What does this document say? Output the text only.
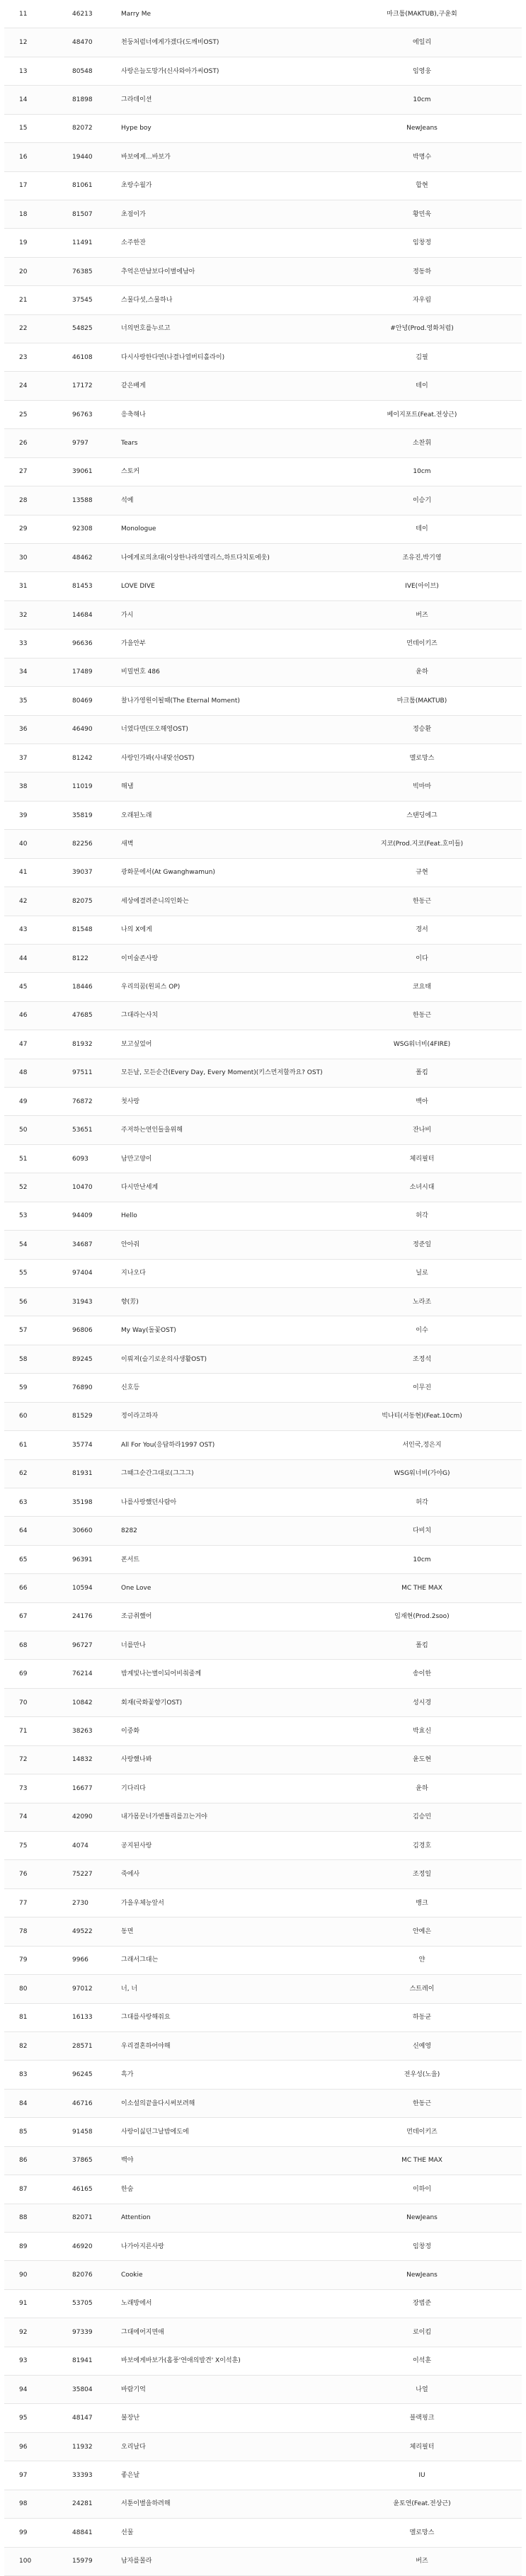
11	46213	Marry Me	마크툽(MAKTUB),구윤회
12	48470	천둥처럼너에게가겠다(도깨비OST)	에일리
13	80548	사랑은늘도망가(신사와아가씨OST)	임영웅
14	81898	그라데이션	10cm
15	82072	Hype boy	NewJeans
16	19440	바보에게…바보가	박명수
17	81061	초랑수월가	합현
18	81507	초점이가	황민욱
19	11491	소주한잔	임창정
20	76385	추억은만남보다이별에남아	정동하
21	37545	스물다섯,스물하나	자우림
22	54825	너의번호를누르고	#안녕(Prod.영화처럼)
23	46108	다시사랑한다면(나결나열버티홀라이)	김필
24	17172	같은배게	테이
25	96763	응축해나	베이지포트(Feat.전상근)
26	9797	Tears	소찬휘
27	39061	스토커	10cm
28	13588	석예	이승기
29	92308	Monologue	테이
30	48462	나에게로의초대(이상한나라의앨리스,하트다치토에웃)	조유진,박기영
31	81453	LOVE DIVE	IVE(아이브)
32	14684	가시	버즈
33	96636	가을안부	먼데이키즈
34	17489	비밀번호 486	윤하
35	80469	찰나가영원이될때(The Eternal Moment)	마크툽(MAKTUB)
36	46490	너였다면(또오해영OST)	정승환
37	81242	사랑인가봐(사내맞선OST)	멜로망스
38	11019	해냄	빅마마
39	35819	오래된노래	스탠딩에그
40	82256	새벽	지코(Prod.지코(Feat.호미들)
41	39037	광화문에서(At Gwanghwamun)	규현
42	82075	세상에결려준니의인화는	한동근
43	81548	나의 X에게	경서
44	8122	이미술존사랑	이다
45	18446	우리의꿈(원피스 OP)	코요태
46	47685	그대라는사치	한동근
47	81932	보고싶었어	WSG워너비(4FIRE)
48	97511	모든날, 모든순간(Every Day, Every Moment)(키스먼저할까요? OST)	폴킴
49	76872	첫사랑	백아
50	53651	주저하는연인들을위해	잔나비
51	6093	남만고양이	체리필터
52	10470	다시만난세계	소녀시대
53	94409	Hello	허각
54	34687	안아줘	정준일
55	97404	지나오다	닐로
56	31943	향(芳)	노라조
57	96806	My Way(돌꽃OST)	이수
58	89245	이뤄져(슬기로운의사생활OST)	조정석
59	76890	신호등	이무진
60	81529	정이라고하자	빅나티(서동현)(Feat.10cm)
61	35774	All For You(응답하라1997 OST)	서인국,정은지
62	81931	그때그순간그대로(그그그)	WSG워너비(가야G)
63	35198	나를사랑했던사람아	허각
64	30660	8282	다비치
65	96391	폰서트	10cm
66	10594	One Love	MC THE MAX
67	24176	조금취했어	임재현(Prod.2soo)
68	96727	너를만나	폴킴
69	76214	밤계빛나는별이되어비춰줄께	송이한
70	10842	회재(국화꽃향기OST)	성시경
71	38263	이중화	박효신
72	14832	사랑했나봐	윤도현
73	16677	기다리다	윤하
74	42090	내가몸문너가엔틀리를끄는거야	김승민
75	4074	공지된사랑	김경호
76	75227	죽에사	조정일
77	2730	가을우체능앞서	뱅크
78	49522	동면	안예은
79	9966	그래서그대는	얀
80	97012	너, 너	스트레이
81	16133	그대를사랑해줘요	하동균
82	28571	우리결혼하어야해	신예영
83	96245	흑가	전우성(노을)
84	46716	이소설의끝을다시써보려해	한동근
85	91458	사랑이싫던그날밤에도에	먼데이키즈
86	37865	백야	MC THE MAX
87	46165	한숨	이하이
88	82071	Attention	NewJeans
89	46920	나가아지른사랑	임창정
90	82076	Cookie	NewJeans
91	53705	노래방에서	장범준
92	97339	그대에어지면애	로이킴
93	81941	바보에게바보가(홉풍'연애의발견' X이석훈)	이석훈
94	35804	바람기억	나얼
95	48147	불장난	블랙핑크
96	11932	오리날다	체리필터
97	33393	좋은날	IU
98	24281	서툰이별을하려해	윤토연(Feat.전상근)
99	48841	선물	멜로망스
100	15979	남자를몰라	버즈
